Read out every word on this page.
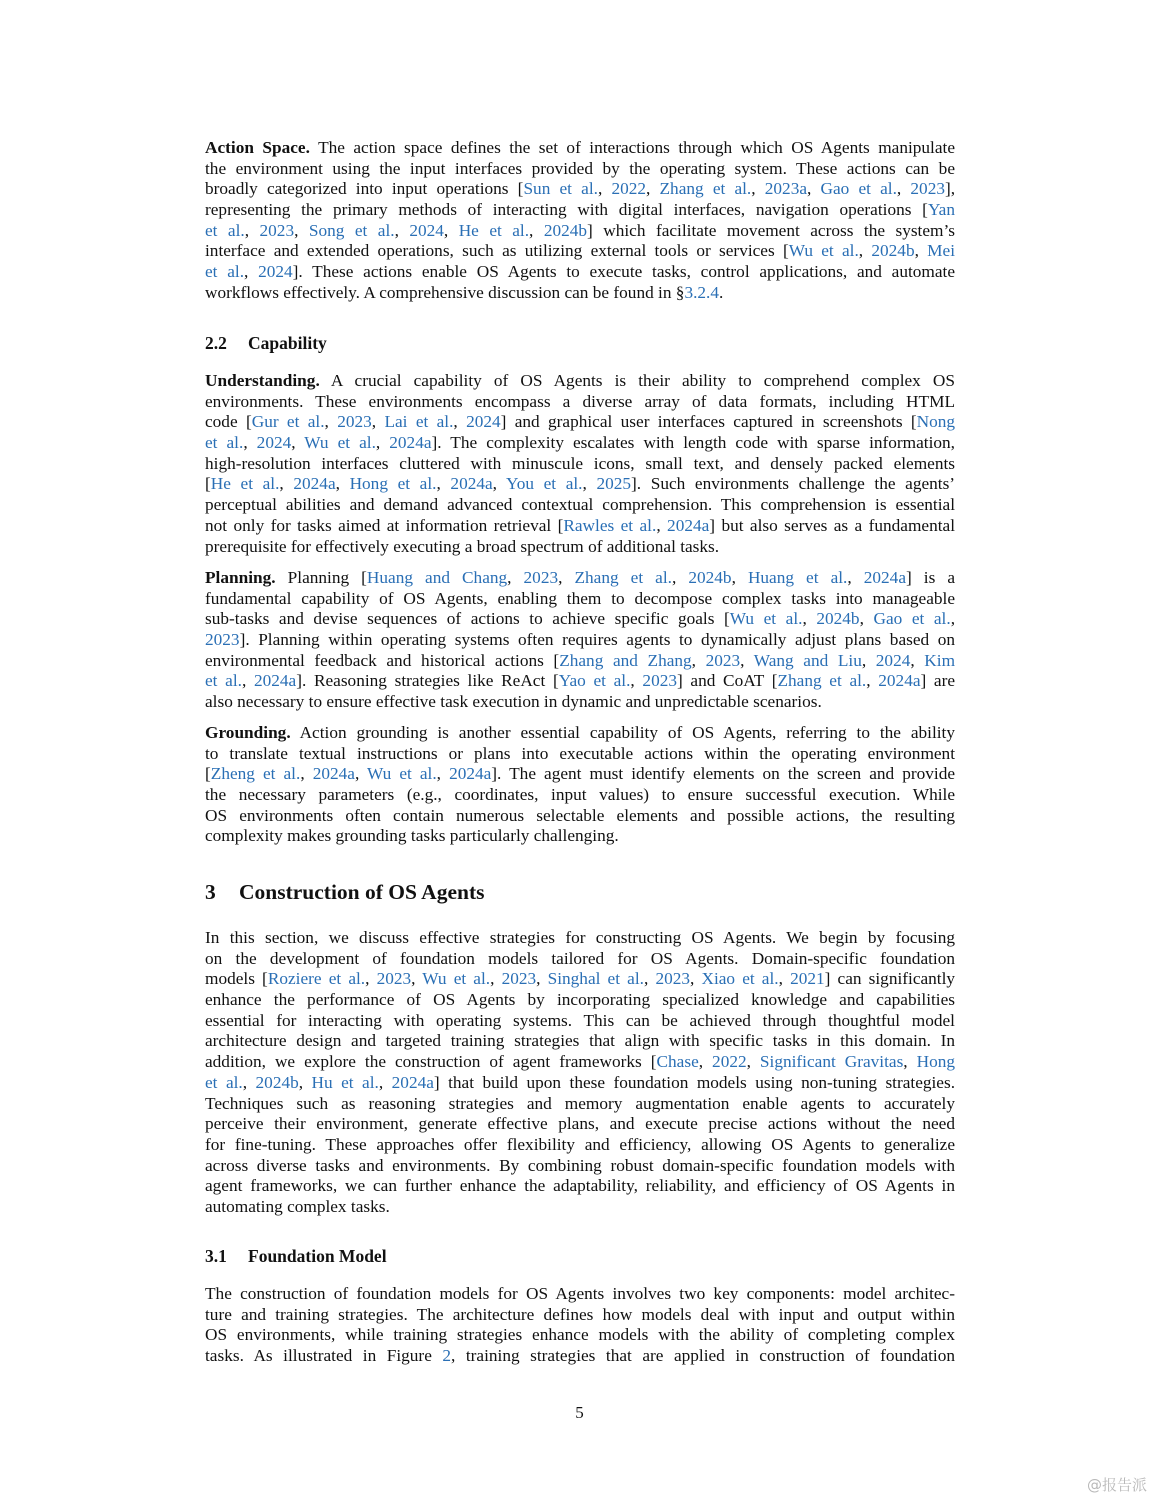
Action Space. The action space defines the set of interactions through which OS Agents manipulate
the environment using the input interfaces provided by the operating system. These actions can be
broadly categorized into input operations [Sun et al., 2022, Zhang et al., 2023a, Gao et al., 2023],
representing the primary methods of interacting with digital interfaces, navigation operations [Yan
et al., 2023, Song et al., 2024, He et al., 2024b] which facilitate movement across the system’s
interface and extended operations, such as utilizing external tools or services [Wu et al., 2024b, Mei
et al., 2024]. These actions enable OS Agents to execute tasks, control applications, and automate
workflows effectively. A comprehensive discussion can be found in §3.2.4.
2.2 Capability
Understanding. A crucial capability of OS Agents is their ability to comprehend complex OS
environments. These environments encompass a diverse array of data formats, including HTML
code [Gur et al., 2023, Lai et al., 2024] and graphical user interfaces captured in screenshots [Nong
et al., 2024, Wu et al., 2024a]. The complexity escalates with length code with sparse information,
high-resolution interfaces cluttered with minuscule icons, small text, and densely packed elements
[He et al., 2024a, Hong et al., 2024a, You et al., 2025]. Such environments challenge the agents’
perceptual abilities and demand advanced contextual comprehension. This comprehension is essential
not only for tasks aimed at information retrieval [Rawles et al., 2024a] but also serves as a fundamental
prerequisite for effectively executing a broad spectrum of additional tasks.
Planning. Planning [Huang and Chang, 2023, Zhang et al., 2024b, Huang et al., 2024a] is a
fundamental capability of OS Agents, enabling them to decompose complex tasks into manageable
sub-tasks and devise sequences of actions to achieve specific goals [Wu et al., 2024b, Gao et al.,
2023]. Planning within operating systems often requires agents to dynamically adjust plans based on
environmental feedback and historical actions [Zhang and Zhang, 2023, Wang and Liu, 2024, Kim
et al., 2024a]. Reasoning strategies like ReAct [Yao et al., 2023] and CoAT [Zhang et al., 2024a] are
also necessary to ensure effective task execution in dynamic and unpredictable scenarios.
Grounding. Action grounding is another essential capability of OS Agents, referring to the ability
to translate textual instructions or plans into executable actions within the operating environment
[Zheng et al., 2024a, Wu et al., 2024a]. The agent must identify elements on the screen and provide
the necessary parameters (e.g., coordinates, input values) to ensure successful execution. While
OS environments often contain numerous selectable elements and possible actions, the resulting
complexity makes grounding tasks particularly challenging.
3 Construction of OS Agents
In this section, we discuss effective strategies for constructing OS Agents. We begin by focusing
on the development of foundation models tailored for OS Agents. Domain-specific foundation
models [Roziere et al., 2023, Wu et al., 2023, Singhal et al., 2023, Xiao et al., 2021] can significantly
enhance the performance of OS Agents by incorporating specialized knowledge and capabilities
essential for interacting with operating systems. This can be achieved through thoughtful model
architecture design and targeted training strategies that align with specific tasks in this domain. In
addition, we explore the construction of agent frameworks [Chase, 2022, Significant Gravitas, Hong
et al., 2024b, Hu et al., 2024a] that build upon these foundation models using non-tuning strategies.
Techniques such as reasoning strategies and memory augmentation enable agents to accurately
perceive their environment, generate effective plans, and execute precise actions without the need
for fine-tuning. These approaches offer flexibility and efficiency, allowing OS Agents to generalize
across diverse tasks and environments. By combining robust domain-specific foundation models with
agent frameworks, we can further enhance the adaptability, reliability, and efficiency of OS Agents in
automating complex tasks.
3.1 Foundation Model
The construction of foundation models for OS Agents involves two key components: model architec-
ture and training strategies. The architecture defines how models deal with input and output within
OS environments, while training strategies enhance models with the ability of completing complex
tasks. As illustrated in Figure 2, training strategies that are applied in construction of foundation
5
@报告派
